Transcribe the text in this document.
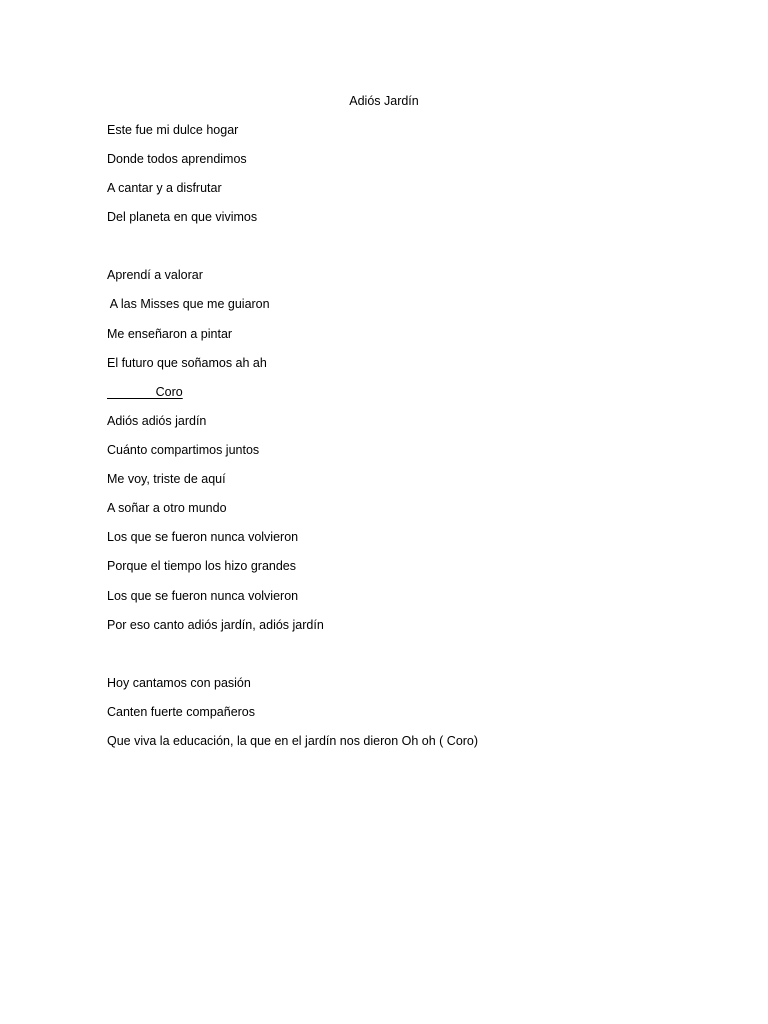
Adiós Jardín
Este fue mi dulce hogar
Donde todos aprendimos
A cantar y a disfrutar
Del planeta en que vivimos
Aprendí a valorar
A las Misses que me guiaron
Me enseñaron a pintar
El futuro que soñamos ah ah
Coro
Adiós adiós jardín
Cuánto compartimos juntos
Me voy, triste de aquí
A soñar a otro mundo
Los que se fueron nunca volvieron
Porque el tiempo los hizo grandes
Los que se fueron nunca volvieron
Por eso canto adiós jardín, adiós jardín
Hoy cantamos con pasión
Canten fuerte compañeros
Que viva la educación, la que en el jardín nos dieron Oh oh ( Coro)
